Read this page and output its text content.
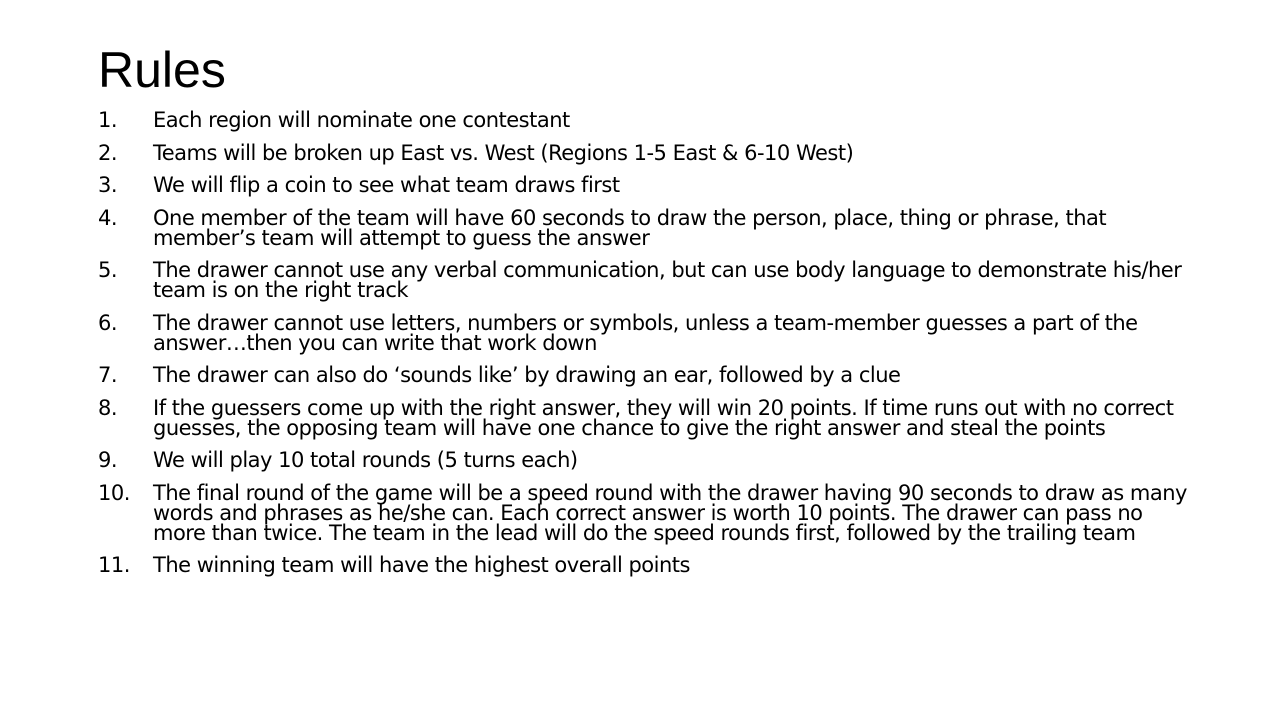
Rules
1.	Each region will nominate one contestant
2.	Teams will be broken up East vs. West (Regions 1-5 East & 6-10 West)
3.	We will flip a coin to see what team draws first
4.	One member of the team will have 60 seconds to draw the person, place, thing or phrase, that member’s team will attempt to guess the answer
5.	The drawer cannot use any verbal communication, but can use body language to demonstrate his/her team is on the right track
6.	The drawer cannot use letters, numbers or symbols, unless a team-member guesses a part of the answer…then you can write that work down
7.	The drawer can also do ‘sounds like’ by drawing an ear, followed by a clue
8.	If the guessers come up with the right answer, they will win 20 points. If time runs out with no correct guesses, the opposing team will have one chance to give the right answer and steal the points
9.	We will play 10 total rounds (5 turns each)
10.	The final round of the game will be a speed round with the drawer having 90 seconds to draw as many words and phrases as he/she can. Each correct answer is worth 10 points. The drawer can pass no more than twice. The team in the lead will do the speed rounds first, followed by the trailing team
11.	The winning team will have the highest overall points
